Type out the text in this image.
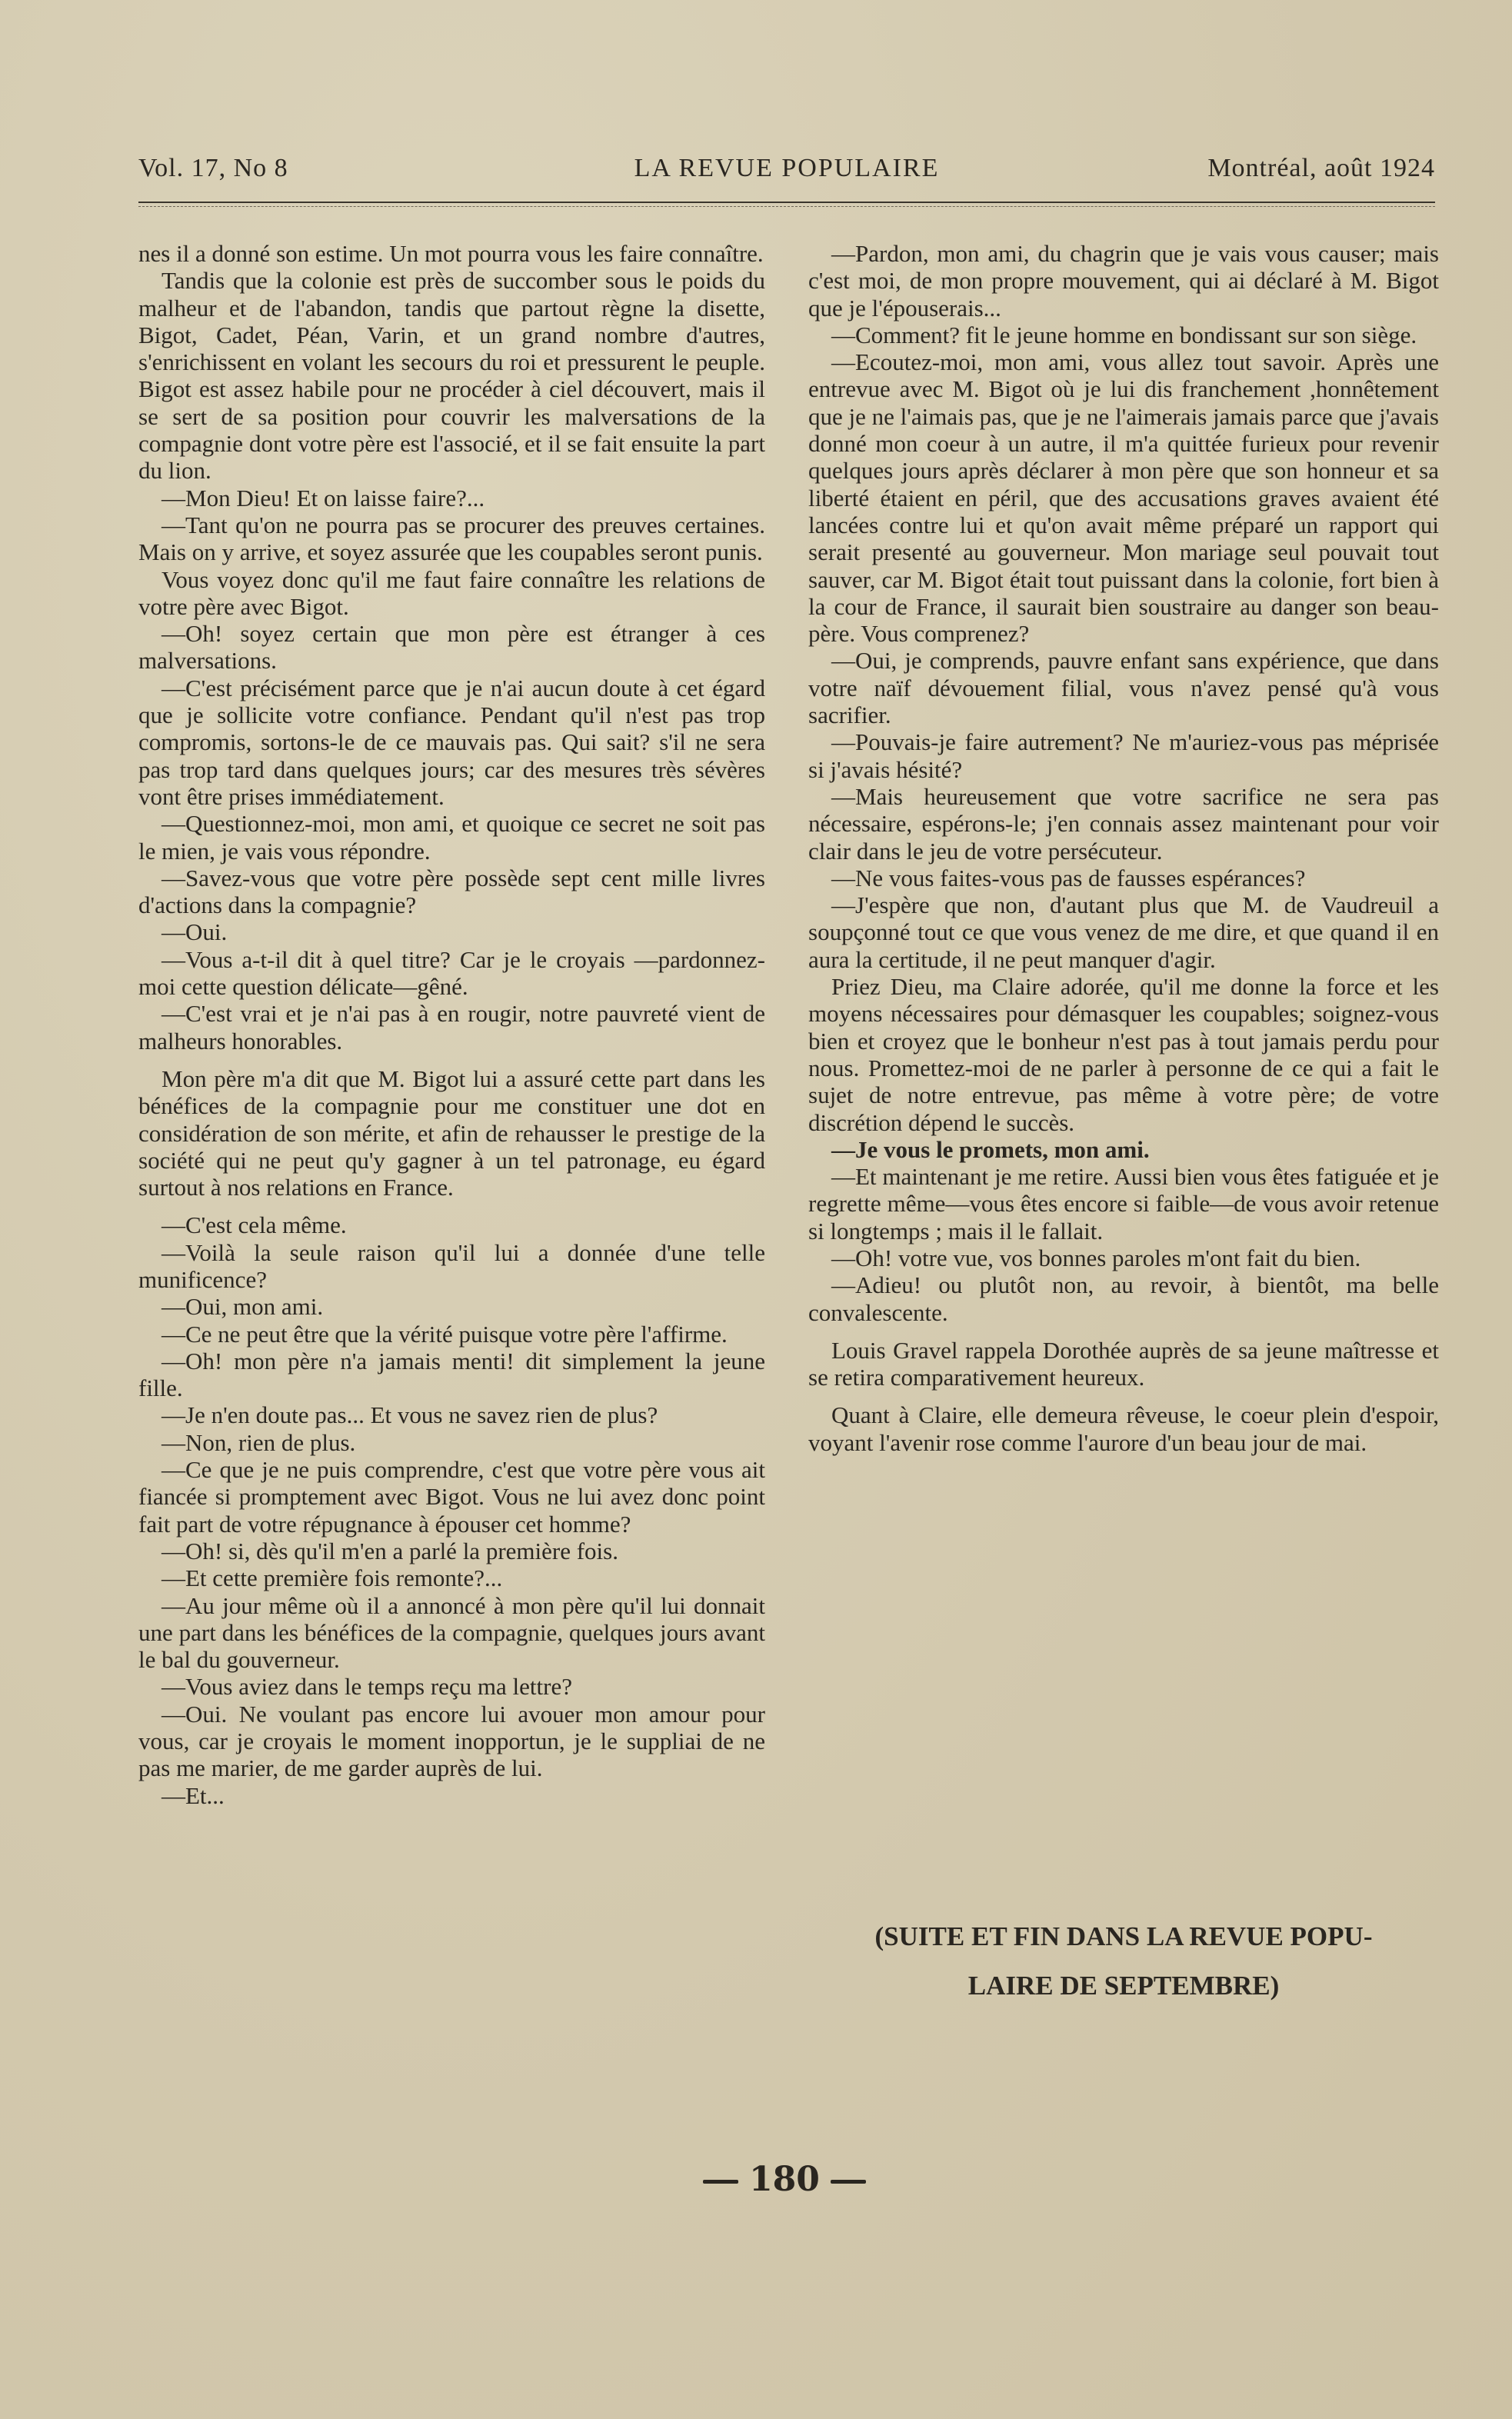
Vol. 17, No 8	LA REVUE POPULAIRE	Montréal, août 1924

nes il a donné son estime. Un mot pourra vous les faire connaître.

Tandis que la colonie est près de succomber sous le poids du malheur et de l'abandon, tandis que partout règne la disette, Bigot, Cadet, Péan, Varin, et un grand nombre d'autres, s'enrichissent en volant les secours du roi et pressurent le peuple. Bigot est assez habile pour ne procéder à ciel découvert, mais il se sert de sa position pour couvrir les malversations de la compagnie dont votre père est l'associé, et il se fait ensuite la part du lion.

—Mon Dieu! Et on laisse faire?...

—Tant qu'on ne pourra pas se procurer des preuves certaines. Mais on y arrive, et soyez assurée que les coupables seront punis.

Vous voyez donc qu'il me faut faire connaître les relations de votre père avec Bigot.

—Oh! soyez certain que mon père est étranger à ces malversations.

—C'est précisément parce que je n'ai aucun doute à cet égard que je sollicite votre confiance. Pendant qu'il n'est pas trop compromis, sortons-le de ce mauvais pas. Qui sait? s'il ne sera pas trop tard dans quelques jours; car des mesures très sévères vont être prises immédiatement.

—Questionnez-moi, mon ami, et quoique ce secret ne soit pas le mien, je vais vous répondre.

—Savez-vous que votre père possède sept cent mille livres d'actions dans la compagnie?

—Oui.

—Vous a-t-il dit à quel titre? Car je le croyais —pardonnez-moi cette question délicate—gêné.

—C'est vrai et je n'ai pas à en rougir, notre pauvreté vient de malheurs honorables.

Mon père m'a dit que M. Bigot lui a assuré cette part dans les bénéfices de la compagnie pour me constituer une dot en considération de son mérite, et afin de rehausser le prestige de la société qui ne peut qu'y gagner à un tel patronage, eu égard surtout à nos relations en France.

—C'est cela même.

—Voilà la seule raison qu'il lui a donnée d'une telle munificence?

—Oui, mon ami.

—Ce ne peut être que la vérité puisque votre père l'affirme.

—Oh! mon père n'a jamais menti! dit simplement la jeune fille.

—Je n'en doute pas... Et vous ne savez rien de plus?

—Non, rien de plus.

—Ce que je ne puis comprendre, c'est que votre père vous ait fiancée si promptement avec Bigot. Vous ne lui avez donc point fait part de votre répugnance à épouser cet homme?

—Oh! si, dès qu'il m'en a parlé la première fois.

—Et cette première fois remonte?...

—Au jour même où il a annoncé à mon père qu'il lui donnait une part dans les bénéfices de la compagnie, quelques jours avant le bal du gouverneur.

—Vous aviez dans le temps reçu ma lettre?

—Oui. Ne voulant pas encore lui avouer mon amour pour vous, car je croyais le moment inopportun, je le suppliai de ne pas me marier, de me garder auprès de lui.

—Et...

—Pardon, mon ami, du chagrin que je vais vous causer; mais c'est moi, de mon propre mouvement, qui ai déclaré à M. Bigot que je l'épouserais...

—Comment? fit le jeune homme en bondissant sur son siège.

—Ecoutez-moi, mon ami, vous allez tout savoir. Après une entrevue avec M. Bigot où je lui dis franchement ,honnêtement que je ne l'aimais pas, que je ne l'aimerais jamais parce que j'avais donné mon coeur à un autre, il m'a quittée furieux pour revenir quelques jours après déclarer à mon père que son honneur et sa liberté étaient en péril, que des accusations graves avaient été lancées contre lui et qu'on avait même préparé un rapport qui serait presenté au gouverneur. Mon mariage seul pouvait tout sauver, car M. Bigot était tout puissant dans la colonie, fort bien à la cour de France, il saurait bien soustraire au danger son beau-père. Vous comprenez?

—Oui, je comprends, pauvre enfant sans expérience, que dans votre naïf dévouement filial, vous n'avez pensé qu'à vous sacrifier.

—Pouvais-je faire autrement? Ne m'auriez-vous pas méprisée si j'avais hésité?

—Mais heureusement que votre sacrifice ne sera pas nécessaire, espérons-le; j'en connais assez maintenant pour voir clair dans le jeu de votre persécuteur.

—Ne vous faites-vous pas de fausses espérances?

—J'espère que non, d'autant plus que M. de Vaudreuil a soupçonné tout ce que vous venez de me dire, et que quand il en aura la certitude, il ne peut manquer d'agir.

Priez Dieu, ma Claire adorée, qu'il me donne la force et les moyens nécessaires pour démasquer les coupables; soignez-vous bien et croyez que le bonheur n'est pas à tout jamais perdu pour nous. Promettez-moi de ne parler à personne de ce qui a fait le sujet de notre entrevue, pas même à votre père; de votre discrétion dépend le succès.

—Je vous le promets, mon ami.

—Et maintenant je me retire. Aussi bien vous êtes fatiguée et je regrette même—vous êtes encore si faible—de vous avoir retenue si longtemps ; mais il le fallait.

—Oh! votre vue, vos bonnes paroles m'ont fait du bien.

—Adieu! ou plutôt non, au revoir, à bientôt, ma belle convalescente.

Louis Gravel rappela Dorothée auprès de sa jeune maîtresse et se retira comparativement heureux.

Quant à Claire, elle demeura rêveuse, le coeur plein d'espoir, voyant l'avenir rose comme l'aurore d'un beau jour de mai.

(SUITE ET FIN DANS LA REVUE POPU-

LAIRE DE SEPTEMBRE)

180
